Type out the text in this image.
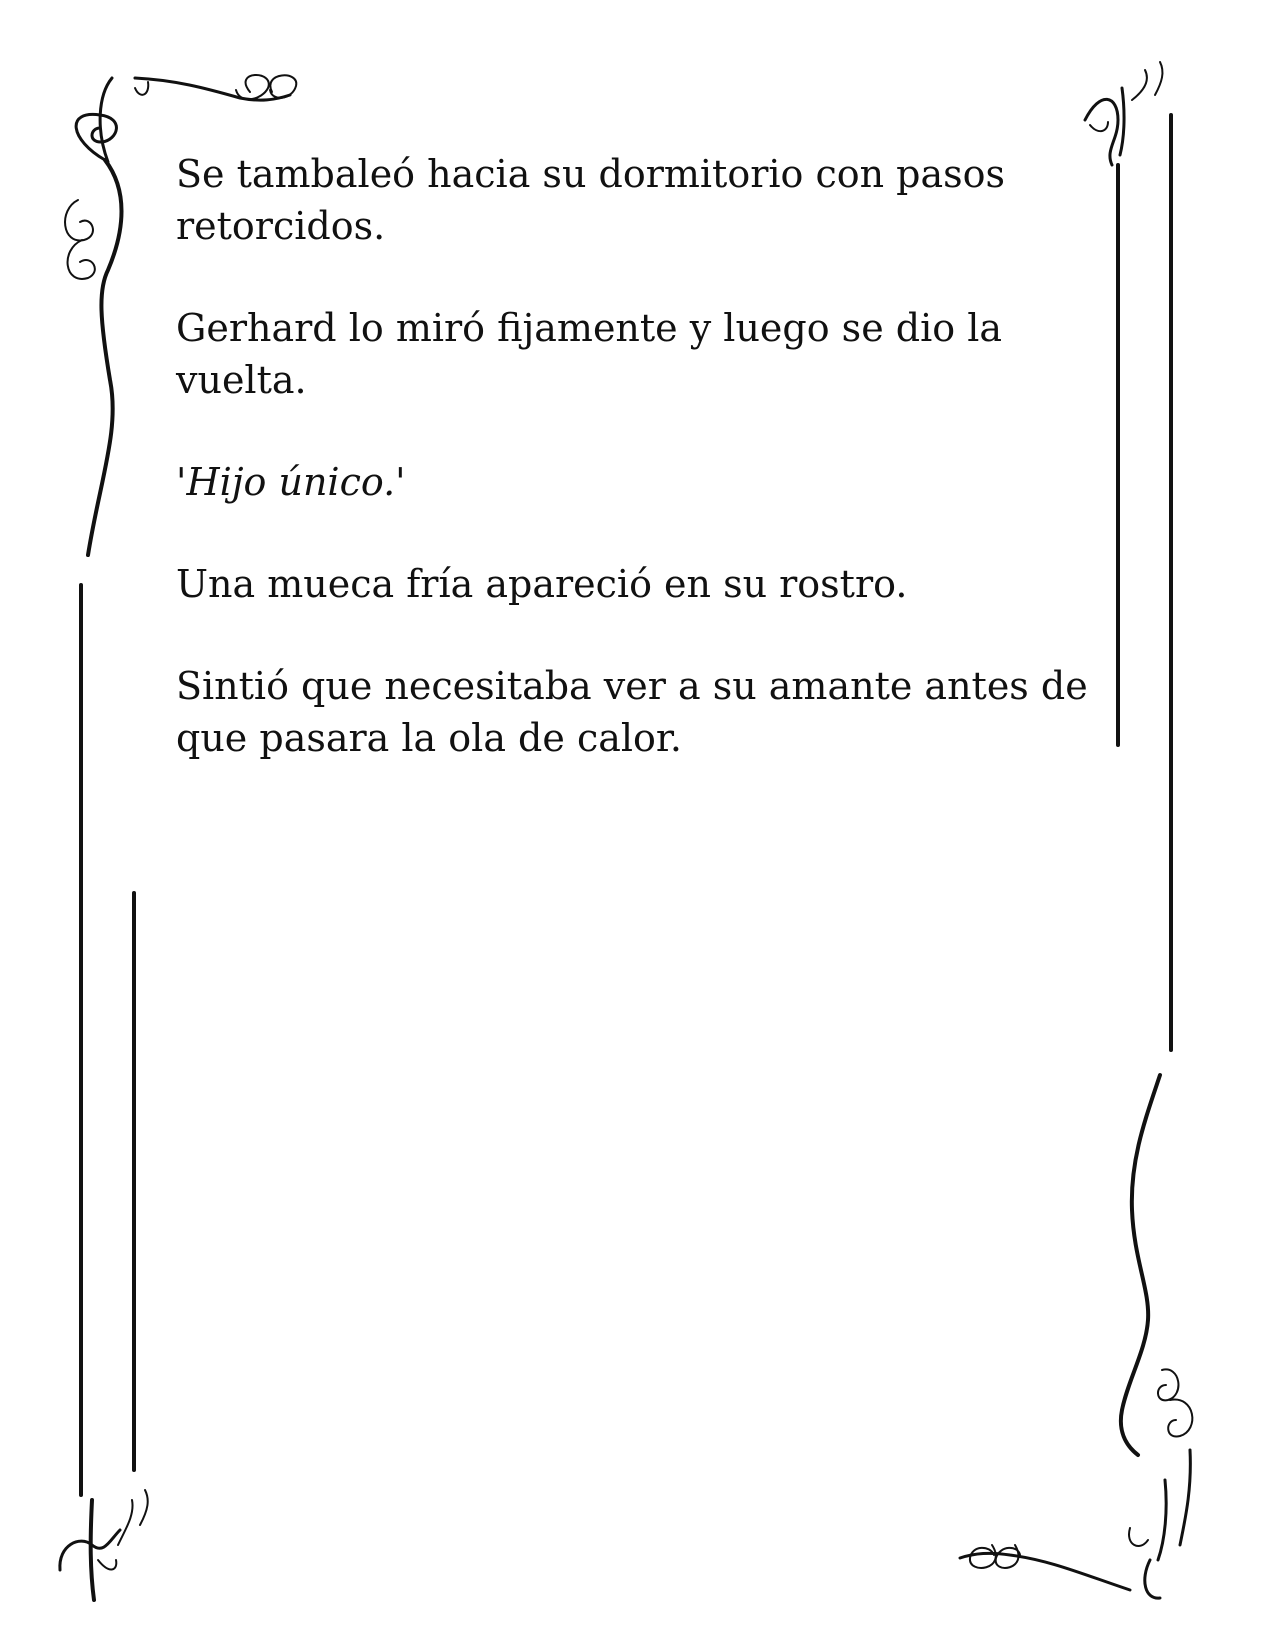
Se tambaleó hacia su dormitorio con pasos retorcidos.

Gerhard lo miró fijamente y luego se dio la vuelta.

'Hijo único.'

Una mueca fría apareció en su rostro.

Sintió que necesitaba ver a su amante antes de que pasara la ola de calor.
